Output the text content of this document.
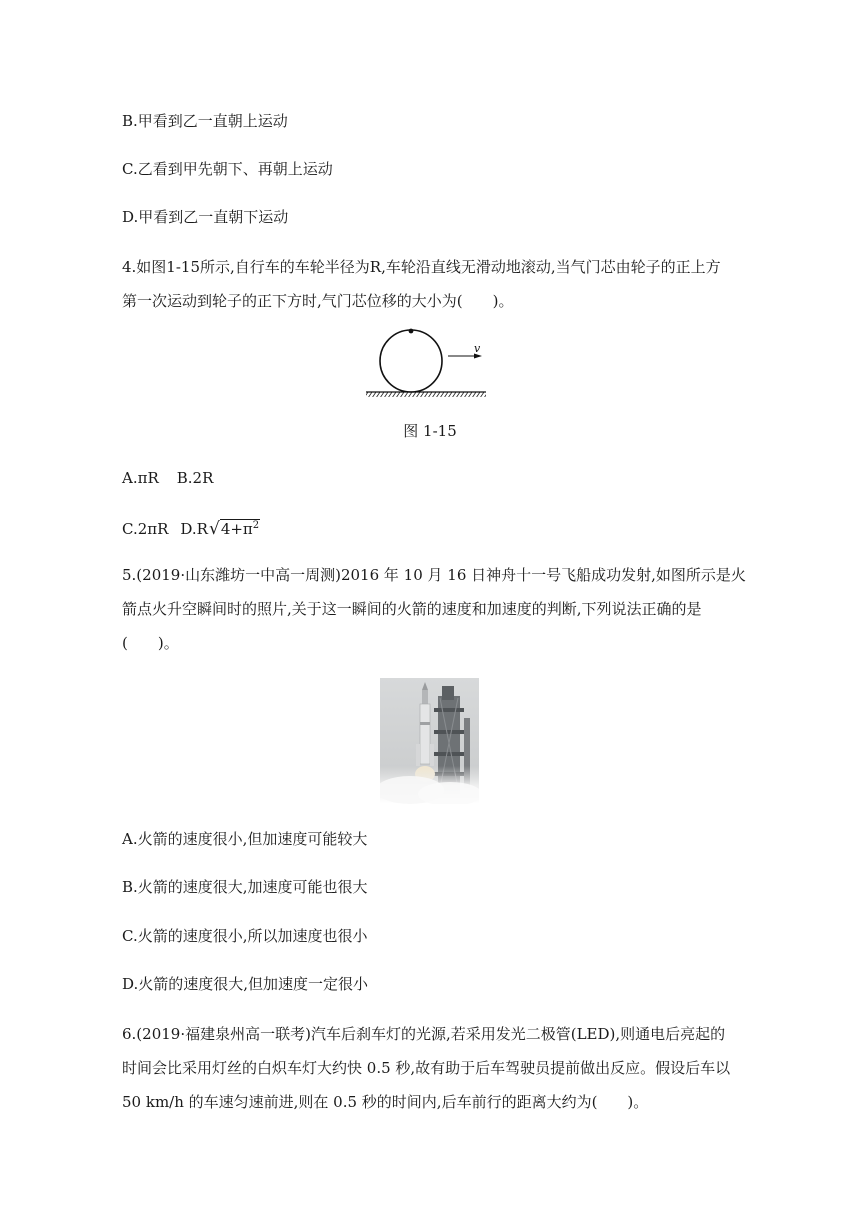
B.甲看到乙一直朝上运动
C.乙看到甲先朝下、再朝上运动
D.甲看到乙一直朝下运动
4.如图1-15所示,自行车的车轮半径为R,车轮沿直线无滑动地滚动,当气门芯由轮子的正上方
第一次运动到轮子的正下方时,气门芯位移的大小为(　　)。
v
图 1-15
A.πR B.2R
C.2πR $D.R√4+\pi^2$
5.(2019·山东潍坊一中高一周测)2016 年 10 月 16 日神舟十一号飞船成功发射,如图所示是火
箭点火升空瞬间时的照片,关于这一瞬间的火箭的速度和加速度的判断,下列说法正确的是
(　　)。
A.火箭的速度很小,但加速度可能较大
B.火箭的速度很大,加速度可能也很大
C.火箭的速度很小,所以加速度也很小
D.火箭的速度很大,但加速度一定很小
6.(2019·福建泉州高一联考)汽车后刹车灯的光源,若采用发光二极管(LED),则通电后亮起的
时间会比采用灯丝的白炽车灯大约快 0.5 秒,故有助于后车驾驶员提前做出反应。假设后车以
50 km/h 的车速匀速前进,则在 0.5 秒的时间内,后车前行的距离大约为(　　)。
